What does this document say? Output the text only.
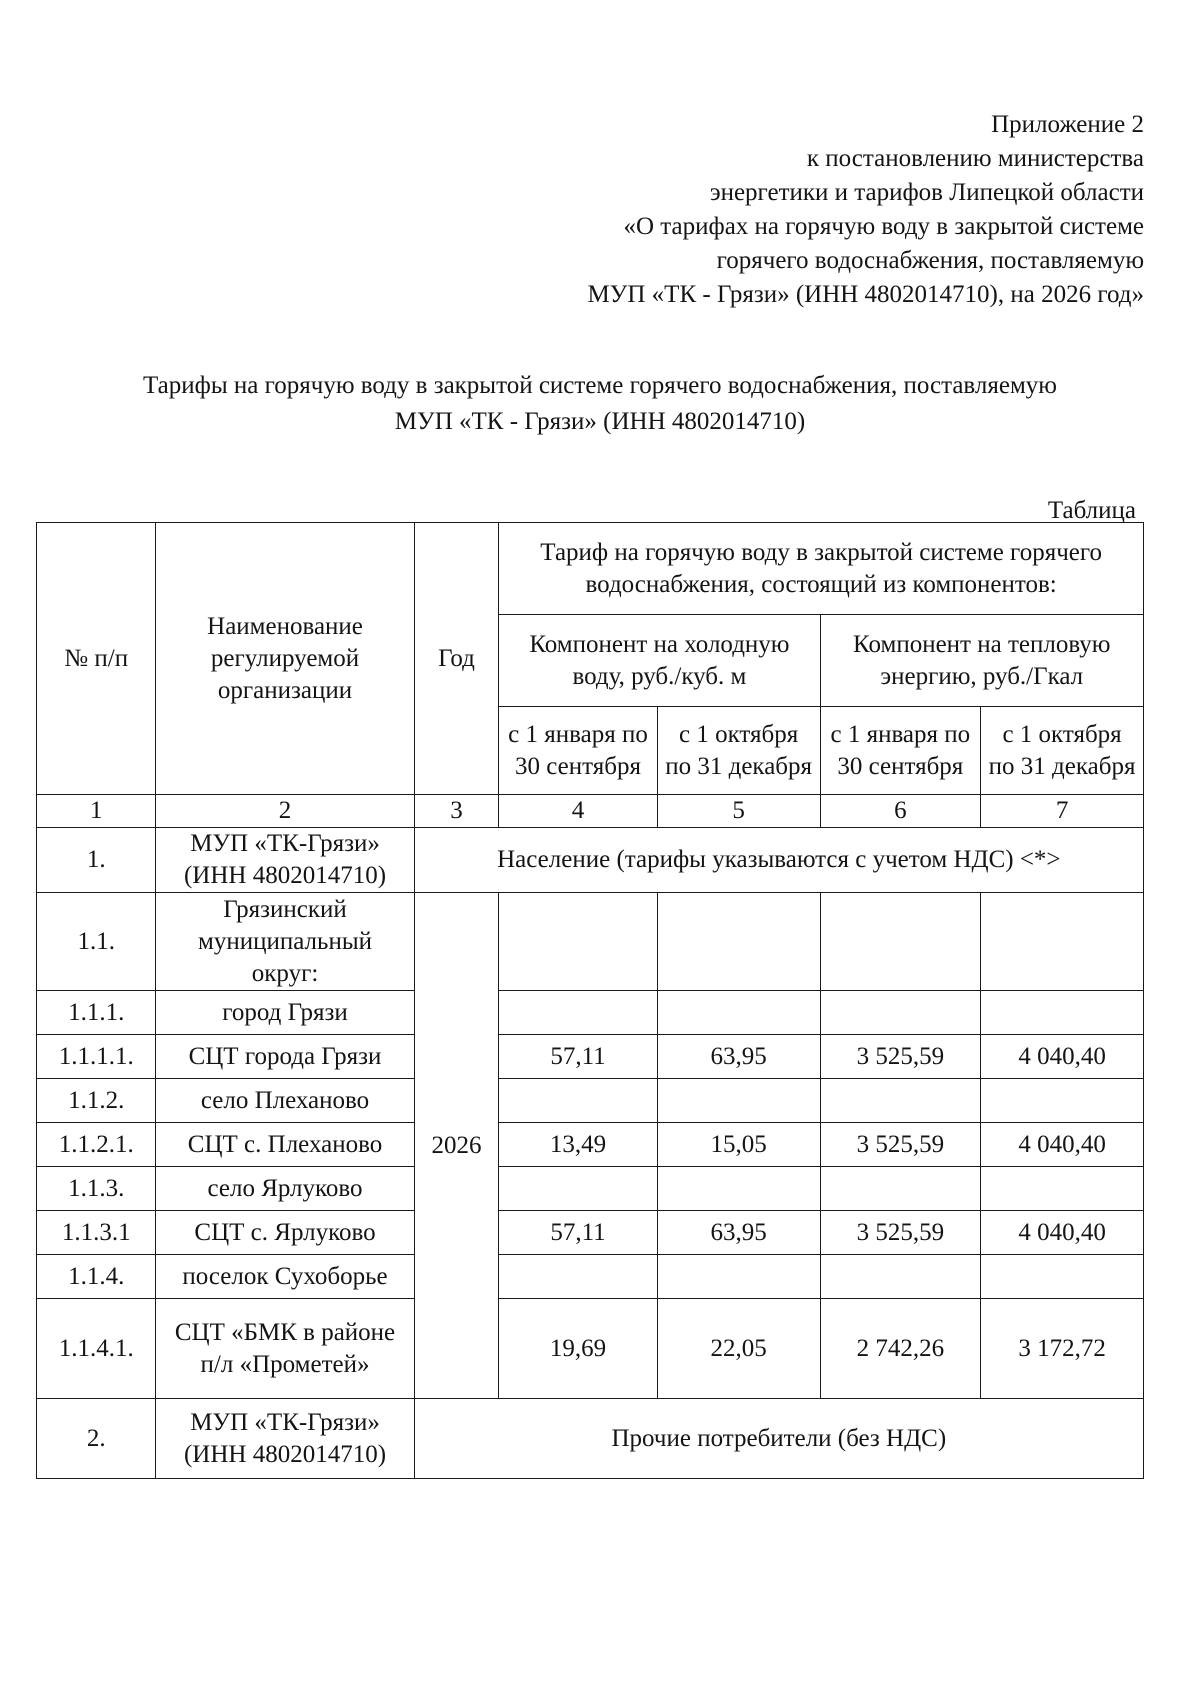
Приложение 2
к постановлению министерства
энергетики и тарифов Липецкой области
«О тарифах на горячую воду в закрытой системе
горячего водоснабжения, поставляемую
МУП «ТК - Грязи» (ИНН 4802014710), на 2026 год»
Тарифы на горячую воду в закрытой системе горячего водоснабжения, поставляемую
МУП «ТК - Грязи» (ИНН 4802014710)
Таблица
№ п/п	Наименование регулируемой организации	Год	Тариф на горячую воду в закрытой системе горячего водоснабжения, состоящий из компонентов:			
			Компонент на холодную воду, руб./куб. м		Компонент на тепловую энергию, руб./Гкал	
			с 1 января по 30 сентября	с 1 октября по 31 декабря	с 1 января по 30 сентября	с 1 октября по 31 декабря
1	2	3	4	5	6	7
1.	МУП «ТК-Грязи» (ИНН 4802014710)	Население (тарифы указываются с учетом НДС) <*>				
1.1.	Грязинский муниципальный округ:	2026				
1.1.1.	город Грязи					
1.1.1.1.	СЦТ города Грязи		57,11	63,95	3 525,59	4 040,40
1.1.2.	село Плеханово					
1.1.2.1.	СЦТ с. Плеханово		13,49	15,05	3 525,59	4 040,40
1.1.3.	село Ярлуково					
1.1.3.1	СЦТ с. Ярлуково		57,11	63,95	3 525,59	4 040,40
1.1.4.	поселок Сухоборье					
1.1.4.1.	СЦТ «БМК в районе п/л «Прометей»		19,69	22,05	2 742,26	3 172,72
2.	МУП «ТК-Грязи» (ИНН 4802014710)	Прочие потребители (без НДС)				
